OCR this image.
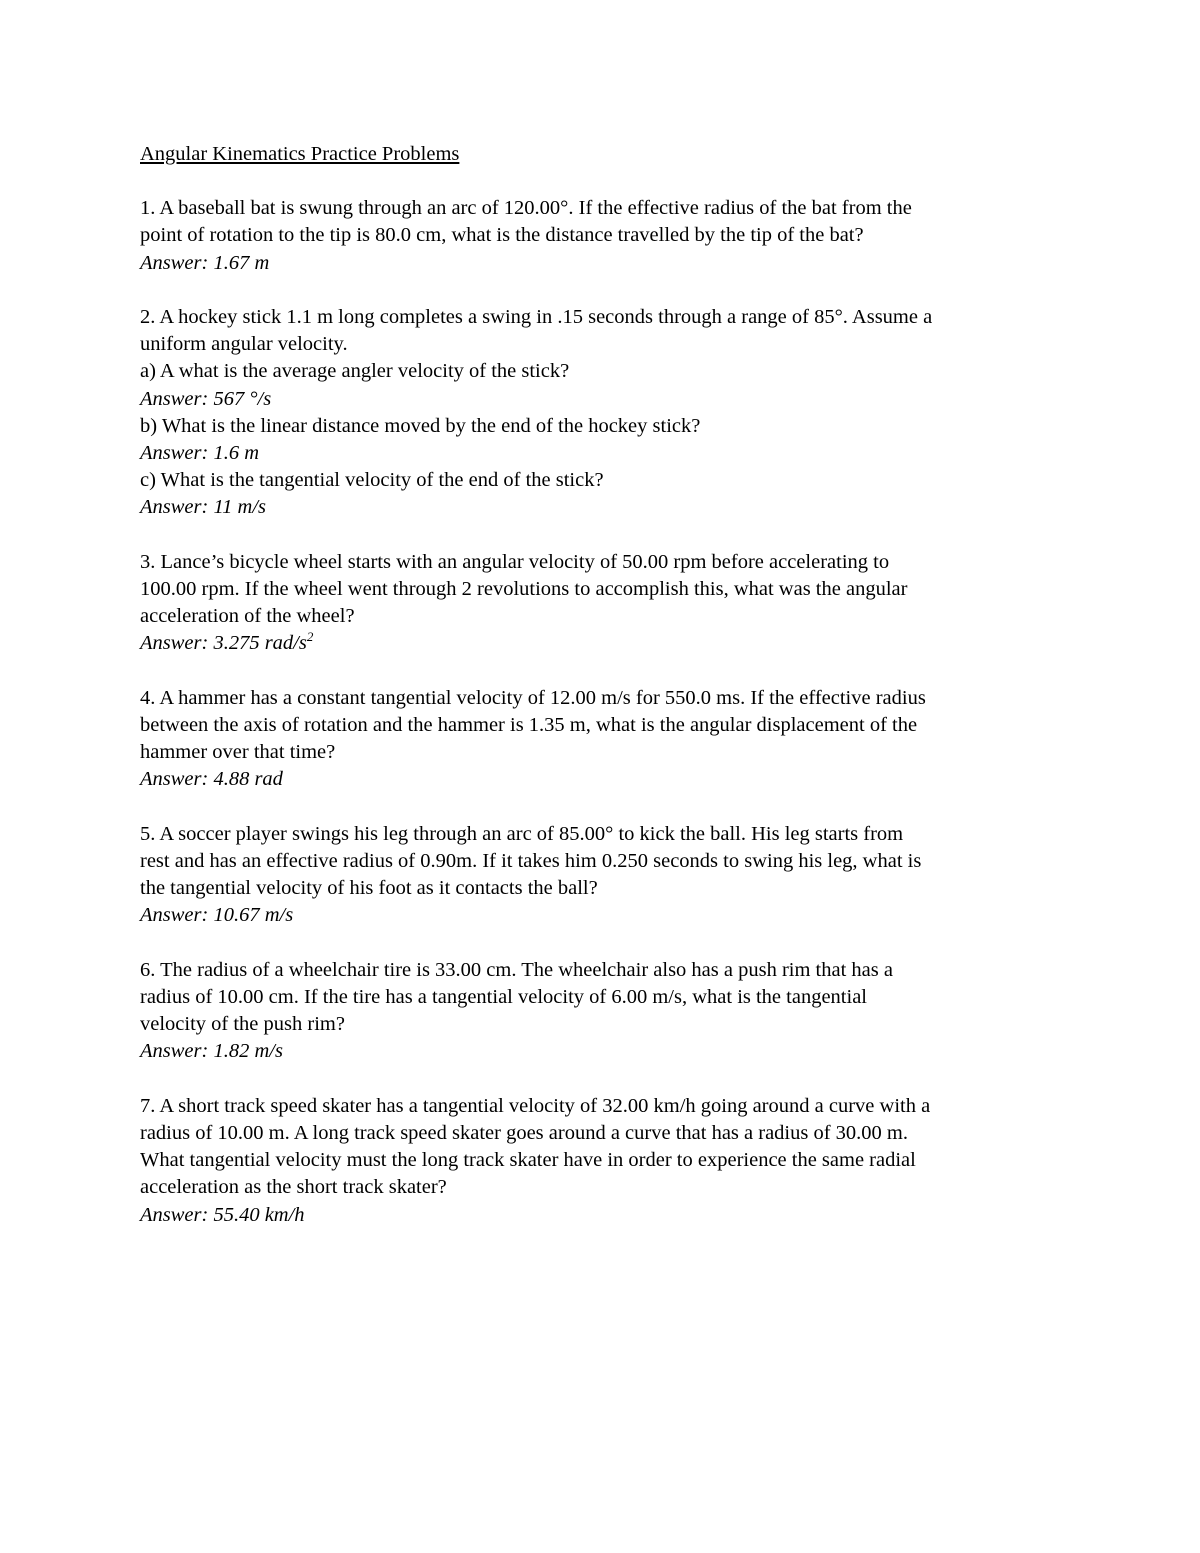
Angular Kinematics Practice Problems
1. A baseball bat is swung through an arc of 120.00°. If the effective radius of the bat from the
point of rotation to the tip is 80.0 cm, what is the distance travelled by the tip of the bat?
Answer: 1.67 m
2. A hockey stick 1.1 m long completes a swing in .15 seconds through a range of 85°. Assume a
uniform angular velocity.
a) A what is the average angler velocity of the stick?
Answer: 567 °/s
b) What is the linear distance moved by the end of the hockey stick?
Answer: 1.6 m
c) What is the tangential velocity of the end of the stick?
Answer: 11 m/s
3. Lance’s bicycle wheel starts with an angular velocity of 50.00 rpm before accelerating to
100.00 rpm. If the wheel went through 2 revolutions to accomplish this, what was the angular
acceleration of the wheel?
Answer: 3.275 rad/$s^2$
4. A hammer has a constant tangential velocity of 12.00 m/s for 550.0 ms. If the effective radius
between the axis of rotation and the hammer is 1.35 m, what is the angular displacement of the
hammer over that time?
Answer: 4.88 rad
5. A soccer player swings his leg through an arc of 85.00° to kick the ball. His leg starts from
rest and has an effective radius of 0.90m. If it takes him 0.250 seconds to swing his leg, what is
the tangential velocity of his foot as it contacts the ball?
Answer: 10.67 m/s
6. The radius of a wheelchair tire is 33.00 cm. The wheelchair also has a push rim that has a
radius of 10.00 cm. If the tire has a tangential velocity of 6.00 m/s, what is the tangential
velocity of the push rim?
Answer: 1.82 m/s
7. A short track speed skater has a tangential velocity of 32.00 km/h going around a curve with a
radius of 10.00 m. A long track speed skater goes around a curve that has a radius of 30.00 m.
What tangential velocity must the long track skater have in order to experience the same radial
acceleration as the short track skater?
Answer: 55.40 km/h
